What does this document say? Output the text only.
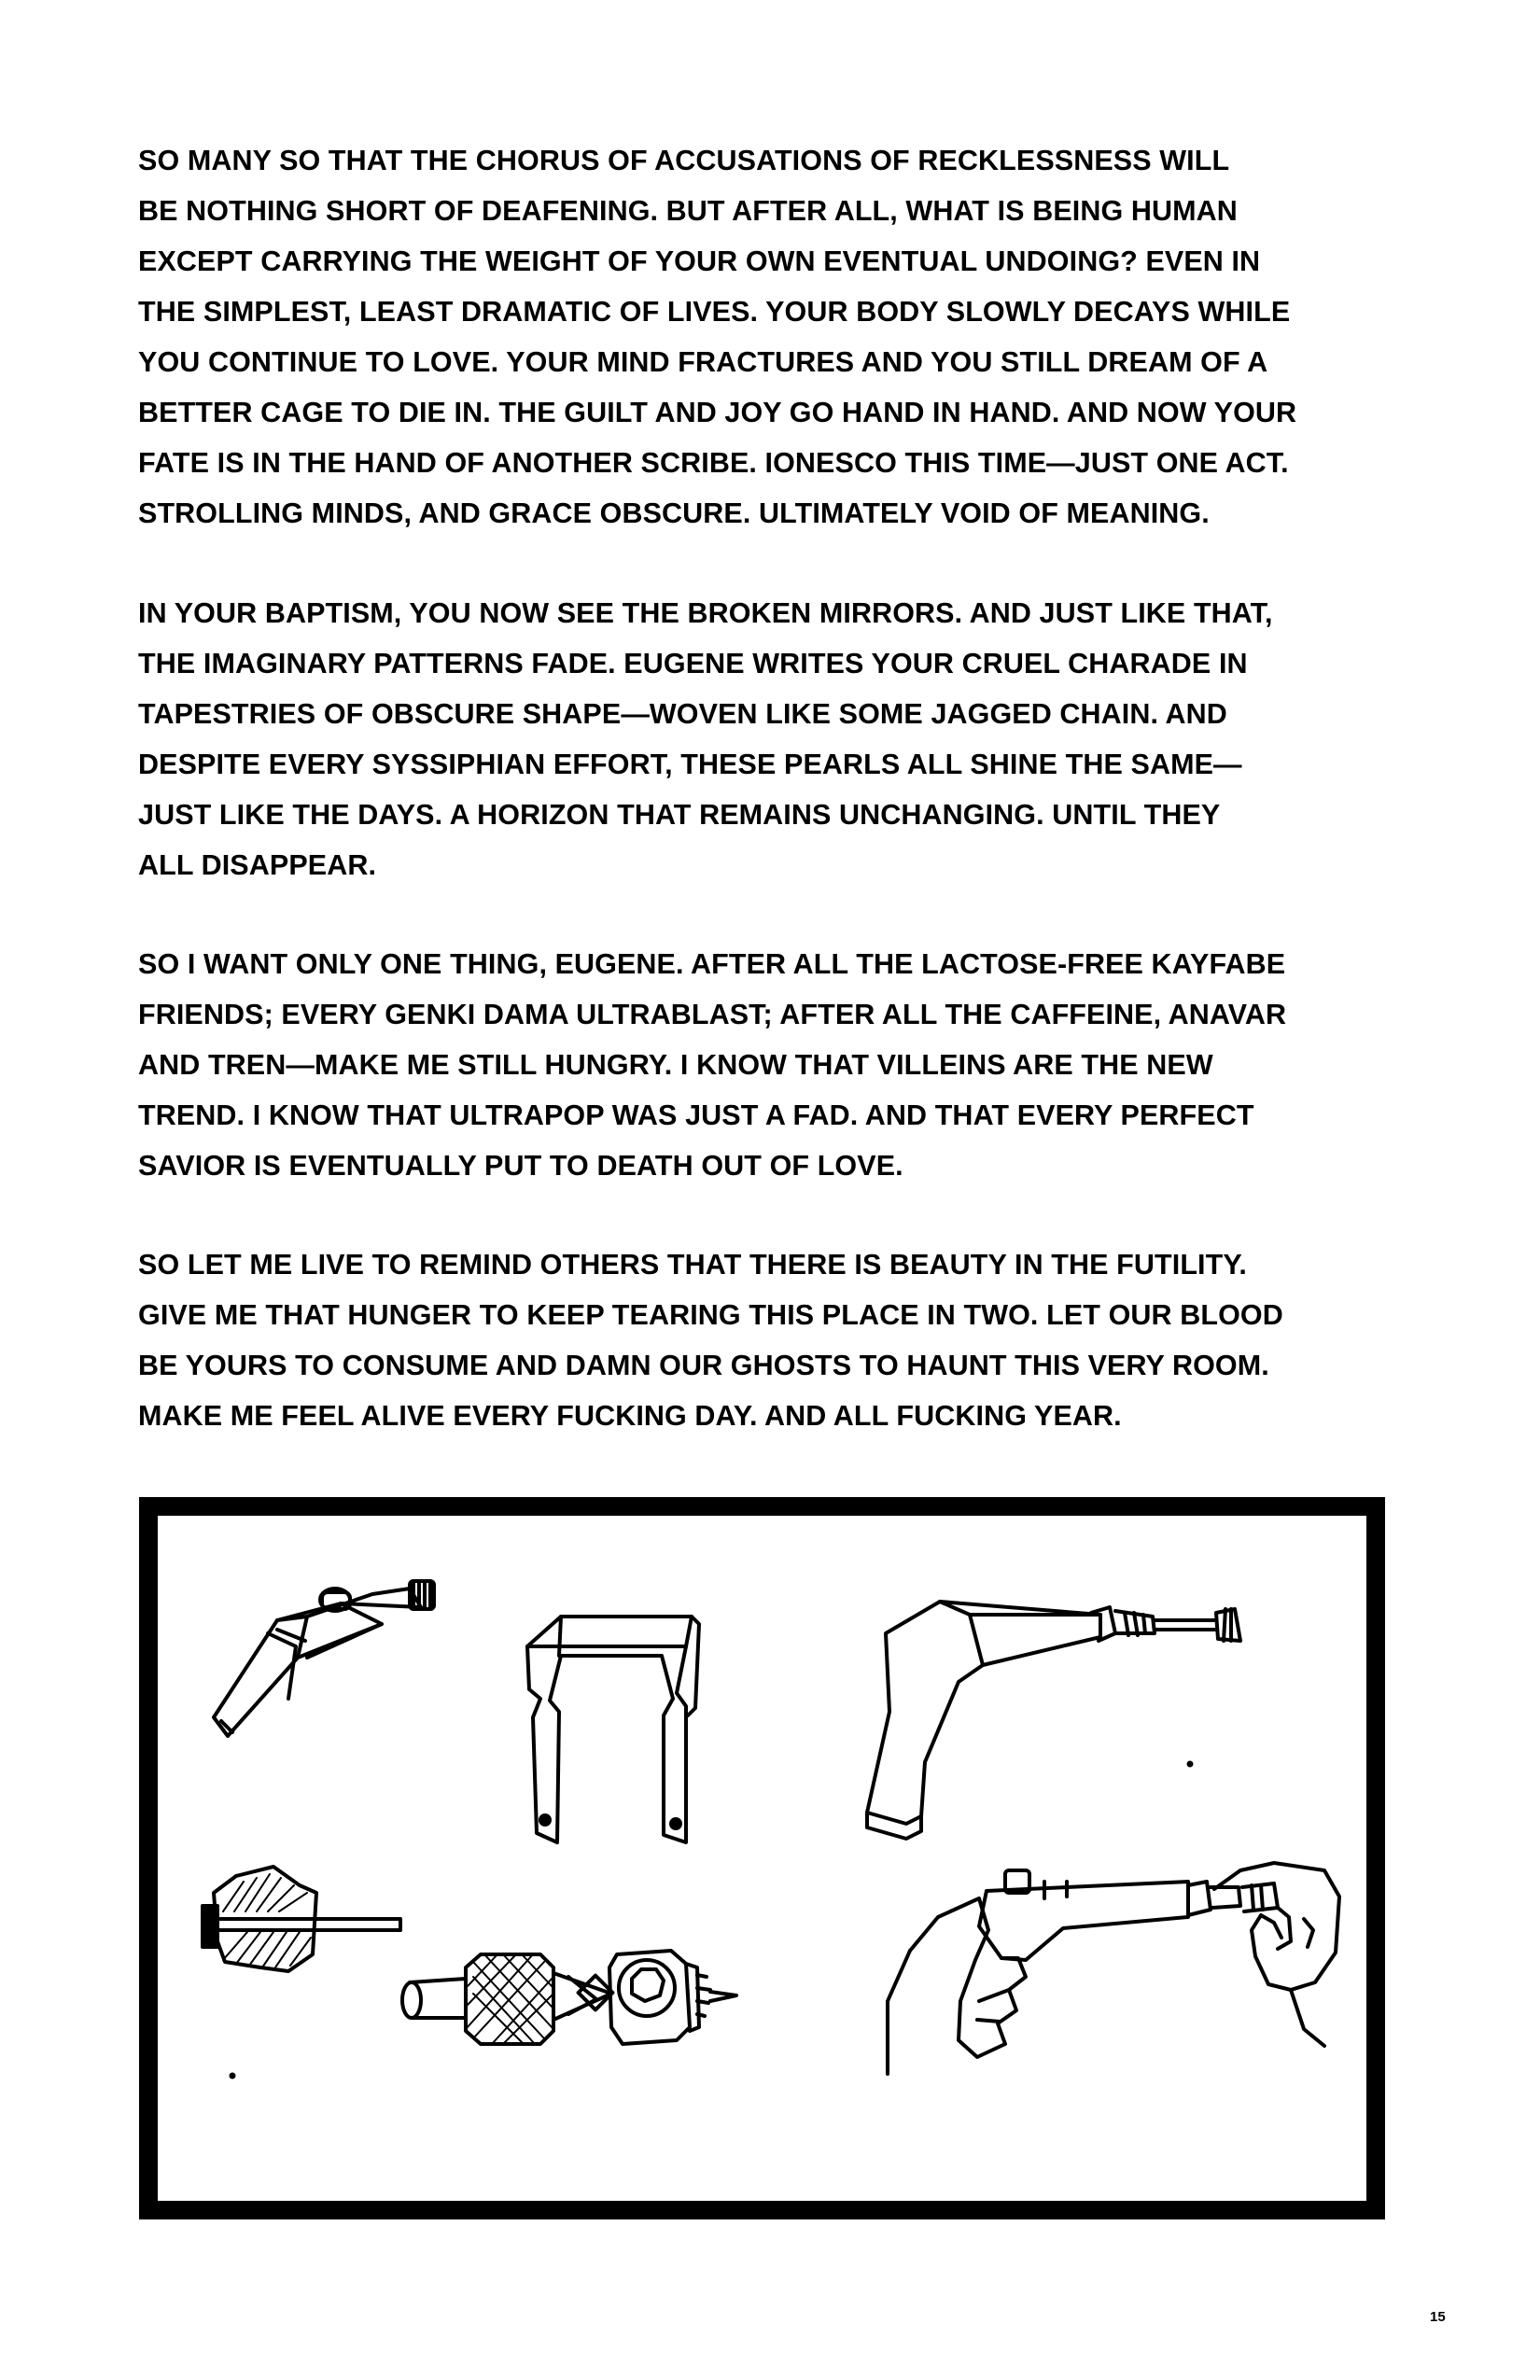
SO MANY SO THAT THE CHORUS OF ACCUSATIONS OF RECKLESSNESS WILL
BE NOTHING SHORT OF DEAFENING. BUT AFTER ALL, WHAT IS BEING HUMAN
EXCEPT CARRYING THE WEIGHT OF YOUR OWN EVENTUAL UNDOING? EVEN IN
THE SIMPLEST, LEAST DRAMATIC OF LIVES. YOUR BODY SLOWLY DECAYS WHILE
YOU CONTINUE TO LOVE. YOUR MIND FRACTURES AND YOU STILL DREAM OF A
BETTER CAGE TO DIE IN. THE GUILT AND JOY GO HAND IN HAND. AND NOW YOUR
FATE IS IN THE HAND OF ANOTHER SCRIBE. IONESCO THIS TIME—JUST ONE ACT.
STROLLING MINDS, AND GRACE OBSCURE. ULTIMATELY VOID OF MEANING.
IN YOUR BAPTISM, YOU NOW SEE THE BROKEN MIRRORS. AND JUST LIKE THAT,
THE IMAGINARY PATTERNS FADE. EUGENE WRITES YOUR CRUEL CHARADE IN
TAPESTRIES OF OBSCURE SHAPE—WOVEN LIKE SOME JAGGED CHAIN. AND
DESPITE EVERY SYSSIPHIAN EFFORT, THESE PEARLS ALL SHINE THE SAME—
JUST LIKE THE DAYS. A HORIZON THAT REMAINS UNCHANGING. UNTIL THEY
ALL DISAPPEAR.
SO I WANT ONLY ONE THING, EUGENE. AFTER ALL THE LACTOSE-FREE KAYFABE
FRIENDS; EVERY GENKI DAMA ULTRABLAST; AFTER ALL THE CAFFEINE, ANAVAR
AND TREN—MAKE ME STILL HUNGRY. I KNOW THAT VILLEINS ARE THE NEW
TREND. I KNOW THAT ULTRAPOP WAS JUST A FAD. AND THAT EVERY PERFECT
SAVIOR IS EVENTUALLY PUT TO DEATH OUT OF LOVE.
SO LET ME LIVE TO REMIND OTHERS THAT THERE IS BEAUTY IN THE FUTILITY.
GIVE ME THAT HUNGER TO KEEP TEARING THIS PLACE IN TWO. LET OUR BLOOD
BE YOURS TO CONSUME AND DAMN OUR GHOSTS TO HAUNT THIS VERY ROOM.
MAKE ME FEEL ALIVE EVERY FUCKING DAY. AND ALL FUCKING YEAR.
15
